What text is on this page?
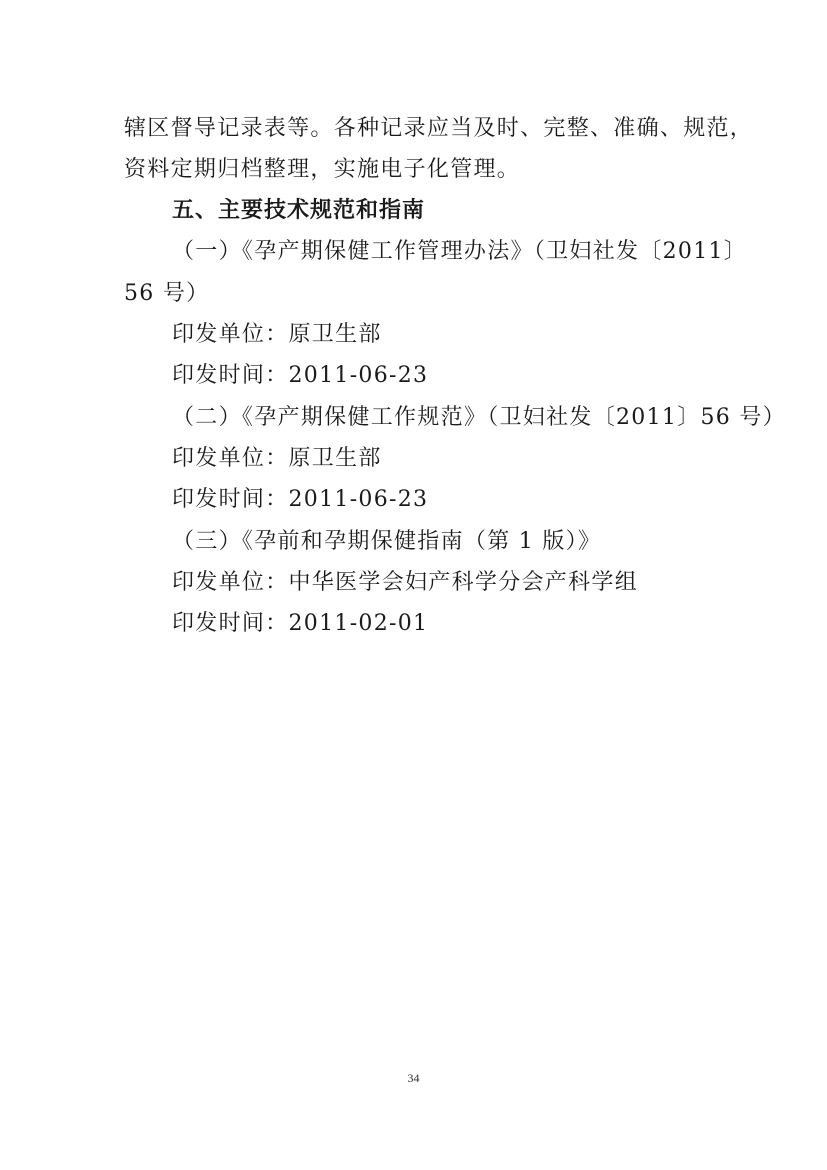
辖区督导记录表等。各种记录应当及时、完整、准确、规范，
资料定期归档整理，实施电子化管理。
五、主要技术规范和指南
（一）《孕产期保健工作管理办法》（卫妇社发〔2011〕
56 号）
印发单位：原卫生部
印发时间：2011-06-23
（二）《孕产期保健工作规范》（卫妇社发〔2011〕56 号）
印发单位：原卫生部
印发时间：2011-06-23
（三）《孕前和孕期保健指南（第 1 版）》
印发单位：中华医学会妇产科学分会产科学组
印发时间：2011-02-01
34
